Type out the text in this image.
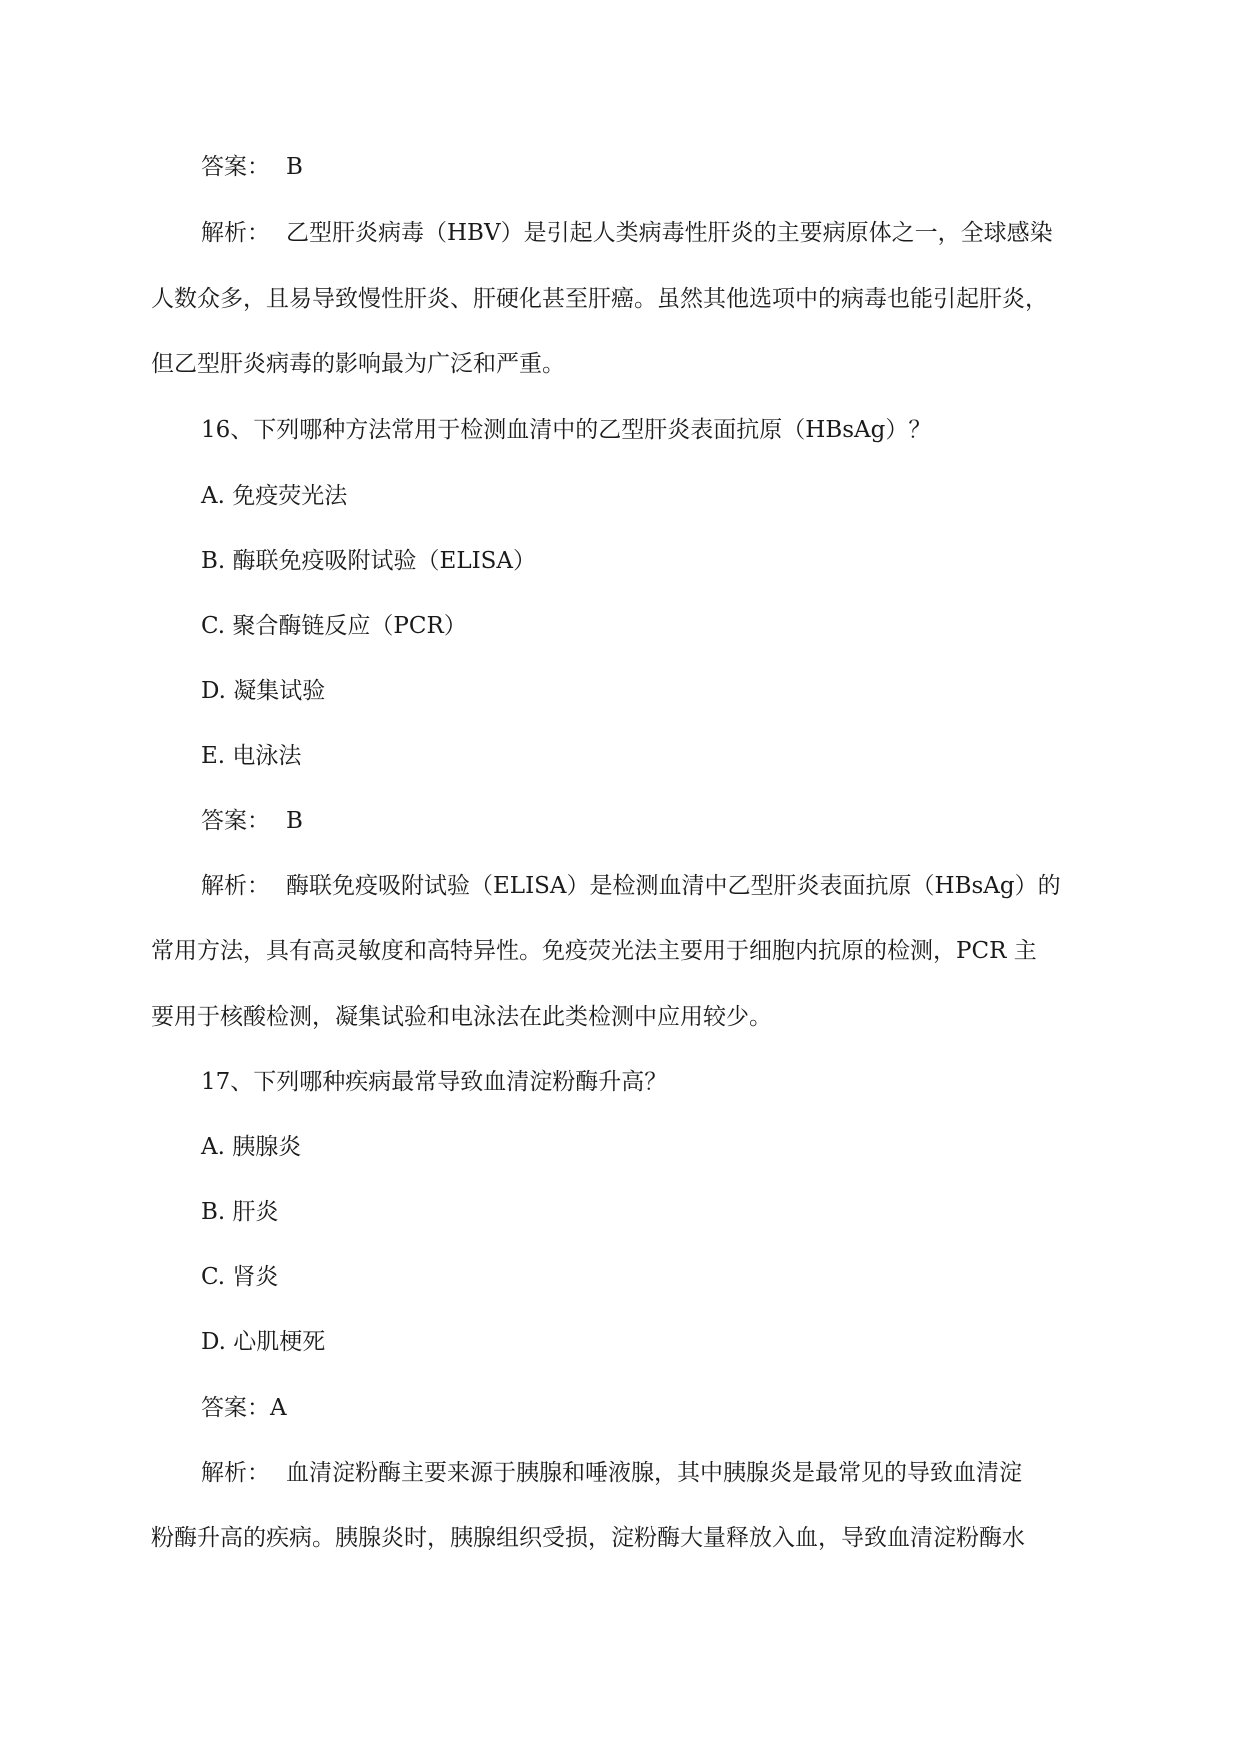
答案： B
解析： 乙型肝炎病毒（HBV）是引起人类病毒性肝炎的主要病原体之一，全球感染
人数众多，且易导致慢性肝炎、肝硬化甚至肝癌。虽然其他选项中的病毒也能引起肝炎，
但乙型肝炎病毒的影响最为广泛和严重。
16、下列哪种方法常用于检测血清中的乙型肝炎表面抗原（HBsAg）？
A. 免疫荧光法
B. 酶联免疫吸附试验（ELISA）
C. 聚合酶链反应（PCR）
D. 凝集试验
E. 电泳法
答案： B
解析： 酶联免疫吸附试验（ELISA）是检测血清中乙型肝炎表面抗原（HBsAg）的
常用方法，具有高灵敏度和高特异性。免疫荧光法主要用于细胞内抗原的检测，PCR 主
要用于核酸检测，凝集试验和电泳法在此类检测中应用较少。
17、下列哪种疾病最常导致血清淀粉酶升高？
A. 胰腺炎
B. 肝炎
C. 肾炎
D. 心肌梗死
答案：A
解析： 血清淀粉酶主要来源于胰腺和唾液腺，其中胰腺炎是最常见的导致血清淀
粉酶升高的疾病。胰腺炎时，胰腺组织受损，淀粉酶大量释放入血，导致血清淀粉酶水
